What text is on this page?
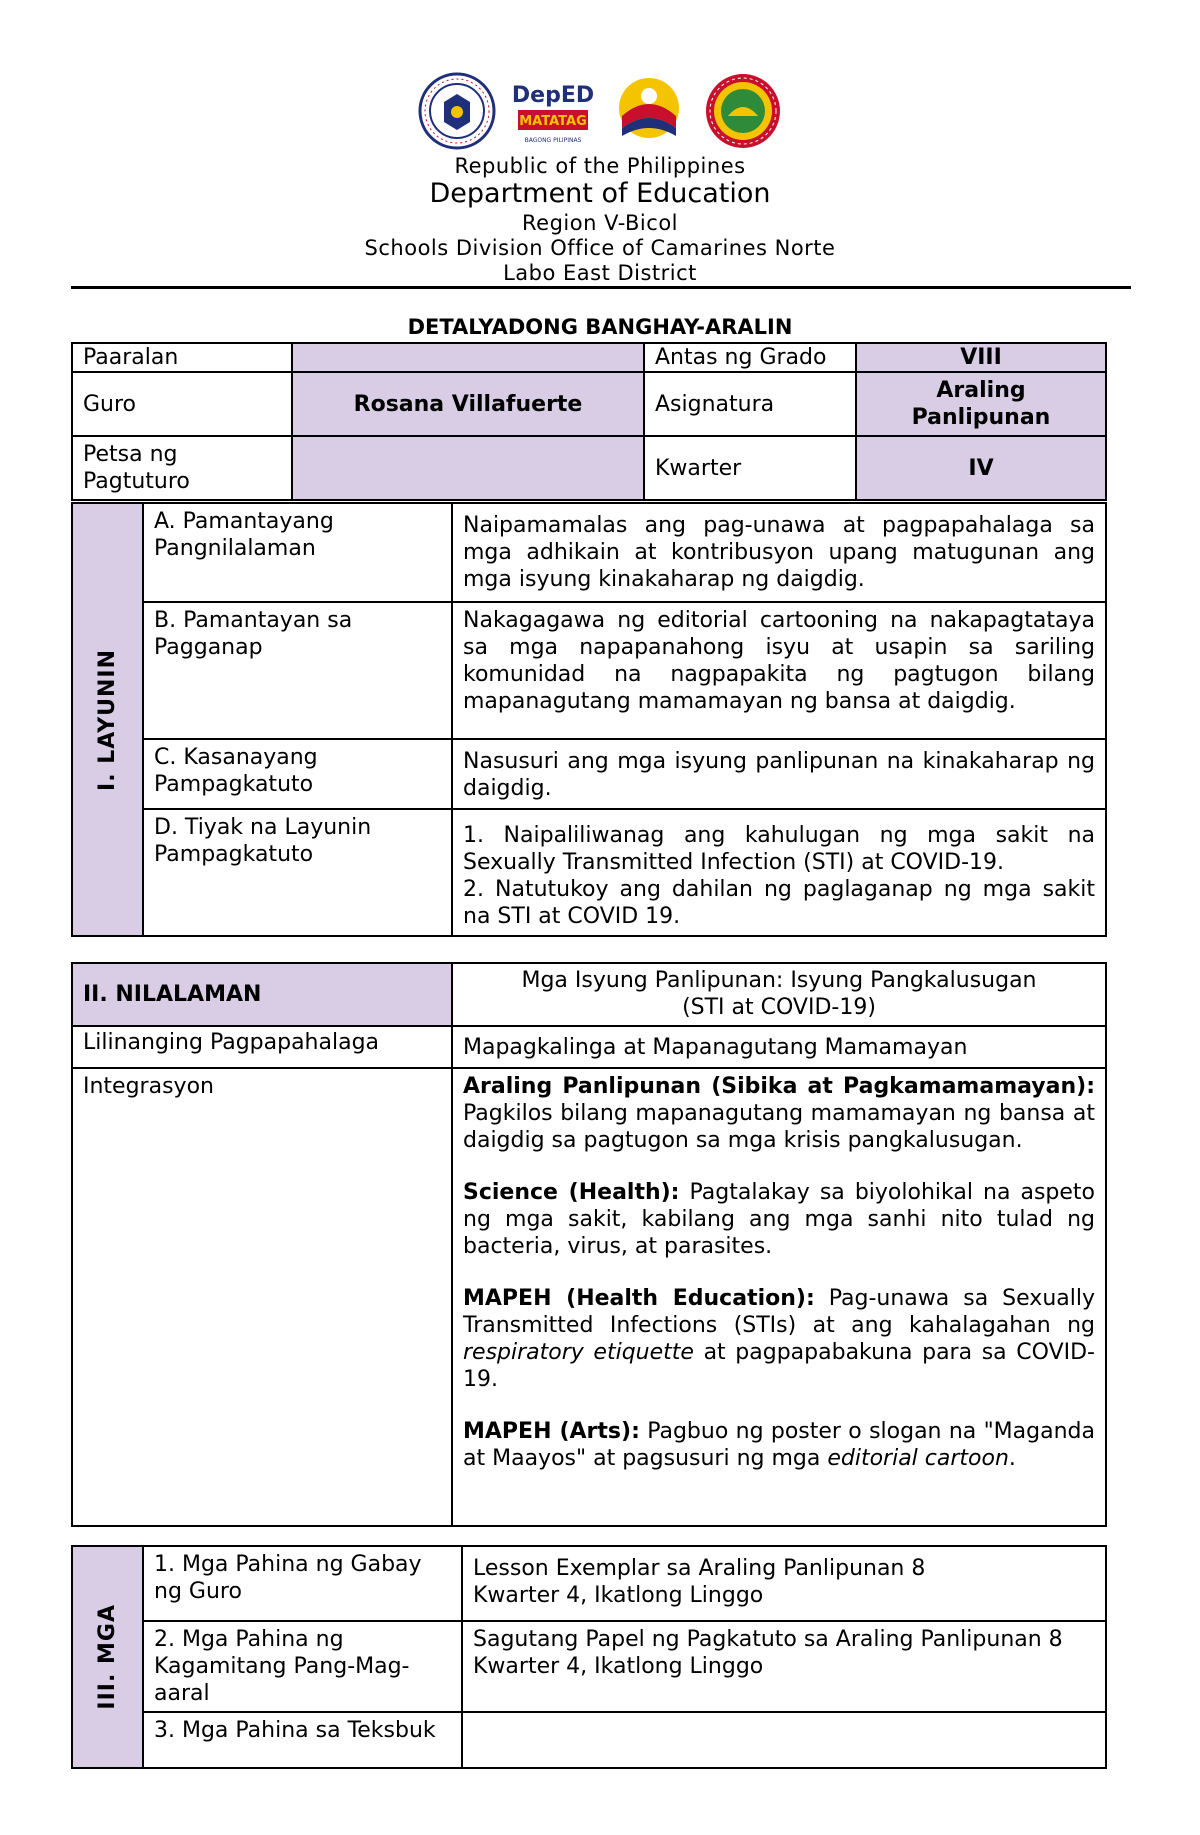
DepED
MATATAG
BAGONG PILIPINAS
Republic of the Philippines
Department of Education
Region V-Bicol
Schools Division Office of Camarines Norte
Labo East District
DETALYADONG BANGHAY-ARALIN
Paaralan		Antas ng Grado	VIII
Guro	Rosana Villafuerte	Asignatura	Araling

Panlipunan

Petsa ng

Pagtuturo		Kwarter	IV
I. LAYUNIN	A. Pamantayang Pangnilalaman	Naipamamalas ang pag-unawa at pagpapahalaga sa mga adhikain at kontribusyon upang matugunan ang mga isyung kinakaharap ng daigdig.
	B. Pamantayan sa Pagganap	Nakagagawa ng editorial cartooning na nakapagtataya sa mga napapanahong isyu at usapin sa sariling komunidad na nagpapakita ng pagtugon bilang mapanagutang mamamayan ng bansa at daigdig.
	C. Kasanayang Pampagkatuto	Nasusuri ang mga isyung panlipunan na kinakaharap ng daigdig.
	D. Tiyak na Layunin Pampagkatuto	1. Naipaliliwanag ang kahulugan ng mga sakit na Sexually Transmitted Infection (STI) at COVID-19.

2. Natutukoy ang dahilan ng paglaganap ng mga sakit na STI at COVID 19.

II. NILALAMAN	Mga Isyung Panlipunan: Isyung Pangkalusugan

(STI at COVID-19)

Lilinanging Pagpapahalaga	Mapagkalinga at Mapanagutang Mamamayan
Integrasyon	Araling Panlipunan (Sibika at Pagkamamamayan): Pagkilos bilang mapanagutang mamamayan ng bansa at daigdig sa pagtugon sa mga krisis pangkalusugan.

Science (Health): Pagtalakay sa biyolohikal na aspeto ng mga sakit, kabilang ang mga sanhi nito tulad ng bacteria, virus, at parasites.

MAPEH (Health Education): Pag-unawa sa Sexually Transmitted Infections (STIs) at ang kahalagahan ng respiratory etiquette at pagpapabakuna para sa COVID-19.

MAPEH (Arts): Pagbuo ng poster o slogan na "Maganda at Maayos" at pagsusuri ng mga editorial cartoon.

III. MGA	1. Mga Pahina ng Gabay ng Guro	Lesson Exemplar sa Araling Panlipunan 8

Kwarter 4, Ikatlong Linggo

	2. Mga Pahina ng Kagamitang Pang-Mag-aaral	Sagutang Papel ng Pagkatuto sa Araling Panlipunan 8

Kwarter 4, Ikatlong Linggo

	3. Mga Pahina sa Teksbuk	
